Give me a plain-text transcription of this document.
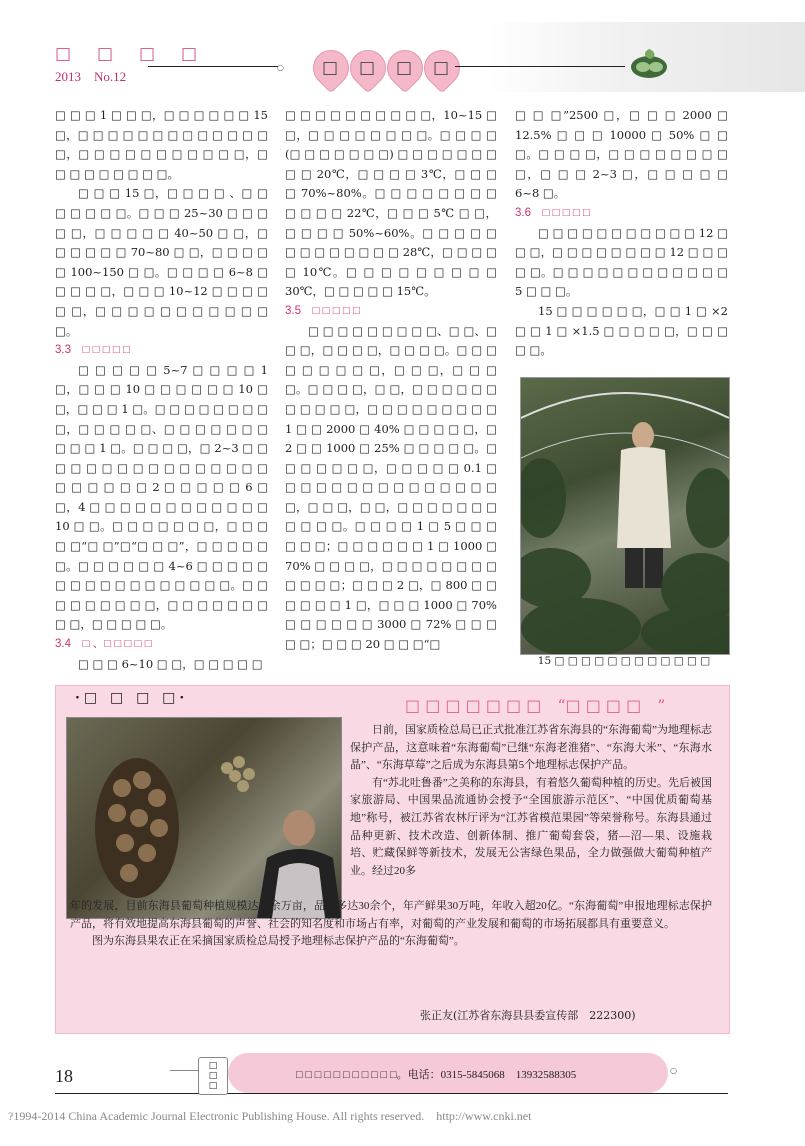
□ □ □ □
2013　No.12
○	□	□	□	□

□ □ □ 1 □ □ □，□ □ □ □ □ □ 15 □，□ □ □ □ □ □ □ □ □ □ □ □ □ □，□ □ □ □ □ □ □ □ □ □ □，□ □ □ □ □ □ □ □ □。

□ □ □ 15 □，□ □ □ □ 、□ □ □ □ □ □ □。□ □ □ 25~30 □ □ □ □ □，□ □ □ □ □ 40~50 □ □，□ □ □ □ □ □ 70~80 □ □，□ □ □ □ □ 100~150 □ □。□ □ □ □ 6~8 □ □ □ □ □，□ □ □ 10~12 □ □ □ □ □ □，□ □ □ □ □ □ □ □ □ □ □ □。

3.3　□ □ □ □ □

□ □ □ □ □ 5~7 □ □ □ □ 1 □，□ □ □ 10 □ □ □ □ □ □ 10 □ □，□ □ □ 1 □。□ □ □ □ □ □ □ □ □，□ □ □ □ □、□ □ □ □ □ □ □ □ □ □ 1 □。□ □ □ □，□ 2~3 □ □ □ □ □ □ □ □ □ □ □ □ □ □ □ □ □ □ □ □ □ □ 2 □ □ □ □ □ 6 □ □，4 □ □ □ □ □ □ □ □ □ □ □ □ 10 □ □。□ □ □ □ □ □ □，□ □ □ □ □“□ □”□“□ □ □”，□ □ □ □ □ □。□ □ □ □ □ □ 4~6 □ □ □ □ □ □ □ □ □ □ □ □ □ □ □ □ □。□ □ □ □ □ □ □ □ □，□ □ □ □ □ □ □ □ □，□ □ □ □ □。

3.4　□ 、□ □ □ □ □

□ □ □ 6~10 □ □，□ □ □ □ □

□ □ □ □ □ □ □ □ □ □，10~15 □ □，□ □ □ □ □ □ □ □。□ □ □ □ (□ □ □ □ □ □ □) □ □ □ □ □ □ □ □ □ 20℃，□ □ □ □ 3℃，□ □ □ □ 70%~80%。□ □ □ □ □ □ □ □ □ □ □ □ 22℃，□ □ □ 5℃ □ □，□ □ □ □ 50%~60%。□ □ □ □ □ □ □ □ □ □ □ □ □ 28℃，□ □ □ □ □ 10℃。□ □ □ □ □ □ □ □ □ 30℃，□ □ □ □ □ 15℃。

3.5　□ □ □ □ □

□ □ □ □ □ □ □ □ □、□ □、□ □ □，□ □ □ □，□ □ □ □。□ □ □ □ □ □ □ □ □，□ □ □，□ □ □ □。□ □ □ □，□ □，□ □ □ □ □ □ □ □ □ □ □，□ □ □ □ □ □ □ □ □ 1 □ □ 2000 □ 40% □ □ □ □ □，□ 2 □ □ 1000 □ 25% □ □ □ □ □。□ □ □ □ □ □ □，□ □ □ □ □ 0.1 □ □ □ □ □ □ □ □ □ □ □ □ □ □ □ □，□ □ □，□ □，□ □ □ □ □ □ □ □ □ □ □。□ □ □ □ 1 □ 5 □ □ □ □ □ □；□ □ □ □ □ □ 1 □ 1000 □ 70% □ □ □ □，□ □ □ □ □ □ □ □ □ □ □ □；□ □ □ 2 □，□ 800 □ □ □ □ □ □ 1 □，□ □ □ 1000 □ 70% □ □ □ □ □ □ 3000 □ 72% □ □ □ □ □；□ □ □ 20 □ □ □“□

□ □ □”2500 □，□ □ □ 2000 □ 12.5% □ □ □ 10000 □ 50% □ □ □。□ □ □ □，□ □ □ □ □ □ □ □ □，□ □ □ 2~3 □，□ □ □ □ □ 6~8 □。

3.6　□ □ □ □ □

□ □ □ □ □ □ □ □ □ □ □ 12 □ □ □，□ □ □ □ □ □ □ □ 12 □ □ □ □ □。□ □ □ □ □ □ □ □ □ □ □ □ 5 □ □ □。

15 □ □ □ □ □ □，□ □ 1 □ ×2 □ □ 1 □ ×1.5 □ □ □ □ □，□ □ □ □ □。

15 □ □ □ □ □ □ □ □ □ □ □ □
·□ □ □ □·	□ □ □ □ □ □ □　“□ □ □ □　”

日前，国家质检总局已正式批准江苏省东海县的“东海葡萄”为地理标志保护产品，这意味着“东海葡萄”已继“东海老淮猪”、“东海大米”、“东海水晶”、“东海草莓”之后成为东海县第5个地理标志保护产品。

有“苏北吐鲁番”之美称的东海县，有着悠久葡萄种植的历史。先后被国家旅游局、中国果品流通协会授予“全国旅游示范区”、“中国优质葡萄基地”称号，被江苏省农林厅评为“江苏省模范果园”等荣誉称号。东海县通过品种更新、技术改造、创新体制、推广葡萄套袋，猪—沼—果、设施栽培、贮藏保鲜等新技术，发展无公害绿色果品，全力做强做大葡萄种植产业。经过20多

年的发展，目前东海县葡萄种植规模达10余万亩，品种多达30余个，年产鲜果30万吨，年收入超20亿。“东海葡萄”申报地理标志保护产品，将有效地提高东海县葡萄的声誉、社会的知名度和市场占有率，对葡萄的产业发展和葡萄的市场拓展都具有重要意义。

图为东海县果农正在采摘国家质检总局授予地理标志保护产品的“东海葡萄”。

张正友(江苏省东海县县委宣传部　222300)
18	□
□
□
□ □ □ □ □ □ □ □ □ □ □。电话：0315-5845068　13932588305	○
?1994-2014 China Academic Journal Electronic Publishing House. All rights reserved.　http://www.cnki.net
